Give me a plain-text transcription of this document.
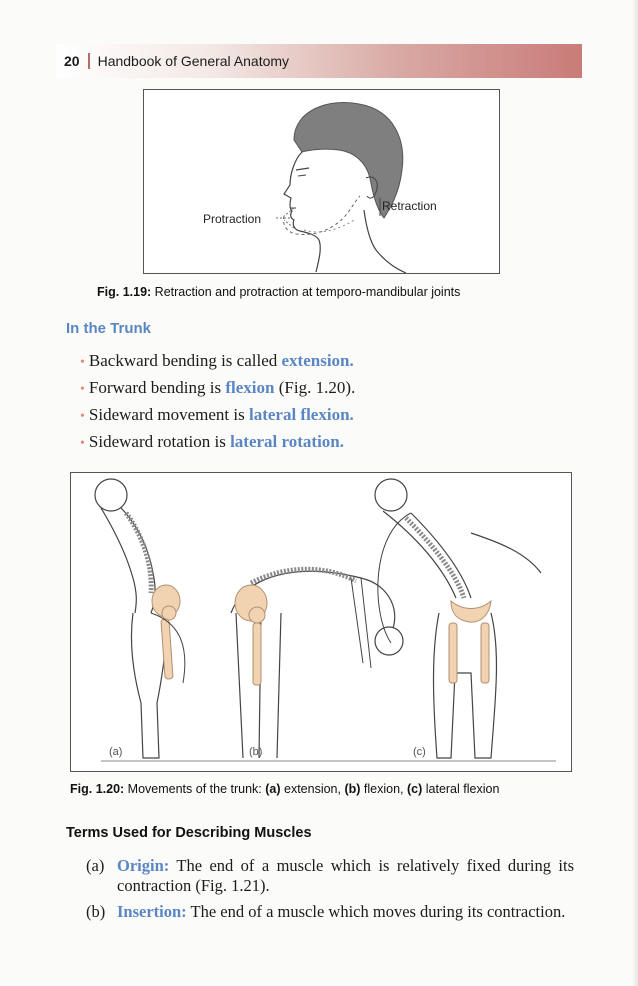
20 Handbook of General Anatomy
Protraction
Retraction
Fig. 1.19: Retraction and protraction at temporo-mandibular joints
In the Trunk
• Backward bending is called extension.
• Forward bending is flexion (Fig. 1.20).
• Sideward movement is lateral flexion.
• Sideward rotation is lateral rotation.
(a)	(b)	(c)
Fig. 1.20: Movements of the trunk: (a) extension, (b) flexion, (c) lateral flexion
Terms Used for Describing Muscles
(a) Origin: The end of a muscle which is relatively fixed during its contraction (Fig. 1.21).
(b) Insertion: The end of a muscle which moves during its contraction.
